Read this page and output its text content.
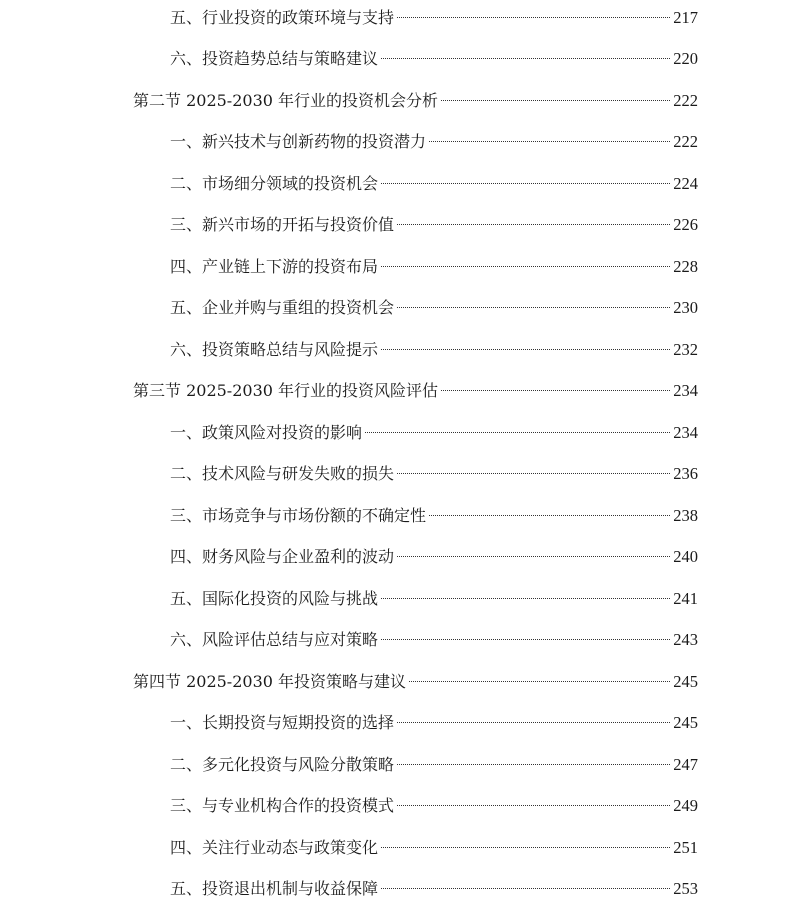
五、行业投资的政策环境与支持	217
六、投资趋势总结与策略建议	220
第二节 2025-2030 年行业的投资机会分析	222
一、新兴技术与创新药物的投资潜力	222
二、市场细分领域的投资机会	224
三、新兴市场的开拓与投资价值	226
四、产业链上下游的投资布局	228
五、企业并购与重组的投资机会	230
六、投资策略总结与风险提示	232
第三节 2025-2030 年行业的投资风险评估	234
一、政策风险对投资的影响	234
二、技术风险与研发失败的损失	236
三、市场竞争与市场份额的不确定性	238
四、财务风险与企业盈利的波动	240
五、国际化投资的风险与挑战	241
六、风险评估总结与应对策略	243
第四节 2025-2030 年投资策略与建议	245
一、长期投资与短期投资的选择	245
二、多元化投资与风险分散策略	247
三、与专业机构合作的投资模式	249
四、关注行业动态与政策变化	251
五、投资退出机制与收益保障	253
